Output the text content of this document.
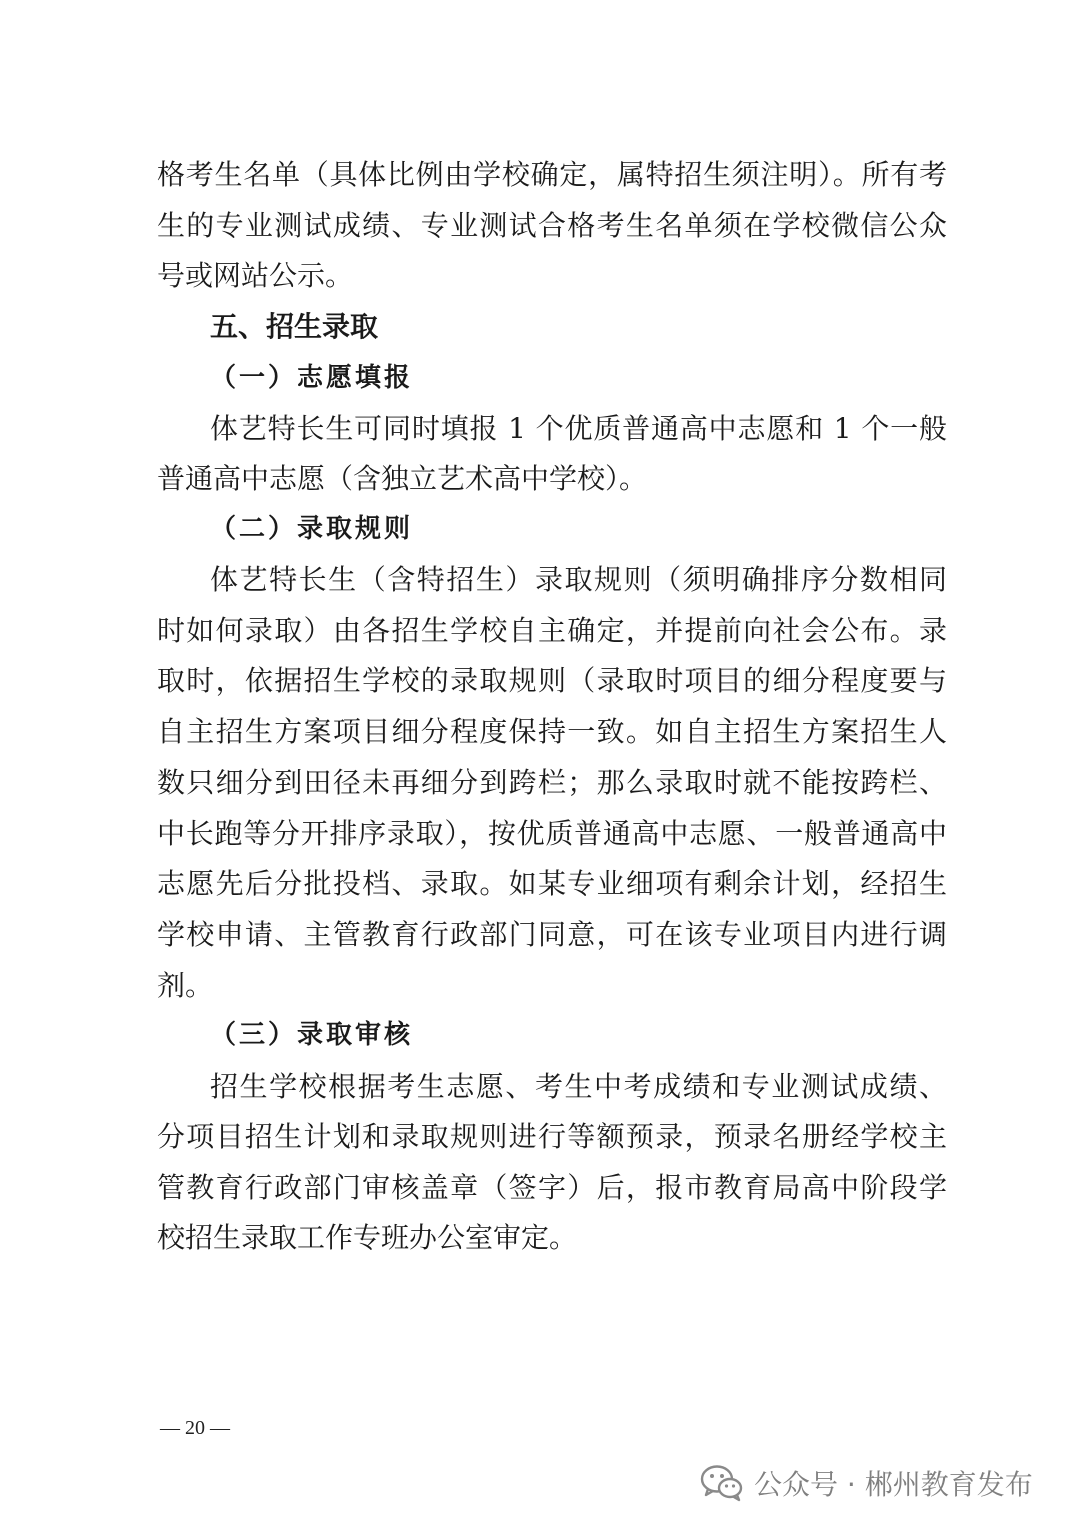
格考生名单（具体比例由学校确定，属特招生须注明）。所有考
生的专业测试成绩、专业测试合格考生名单须在学校微信公众
号或网站公示。
五、招生录取
（一）志愿填报
体艺特长生可同时填报 1 个优质普通高中志愿和 1 个一般
普通高中志愿（含独立艺术高中学校）。
（二）录取规则
体艺特长生（含特招生）录取规则（须明确排序分数相同
时如何录取）由各招生学校自主确定，并提前向社会公布。录
取时，依据招生学校的录取规则（录取时项目的细分程度要与
自主招生方案项目细分程度保持一致。如自主招生方案招生人
数只细分到田径未再细分到跨栏；那么录取时就不能按跨栏、
中长跑等分开排序录取），按优质普通高中志愿、一般普通高中
志愿先后分批投档、录取。如某专业细项有剩余计划，经招生
学校申请、主管教育行政部门同意，可在该专业项目内进行调
剂。
（三）录取审核
招生学校根据考生志愿、考生中考成绩和专业测试成绩、
分项目招生计划和录取规则进行等额预录，预录名册经学校主
管教育行政部门审核盖章（签字）后，报市教育局高中阶段学
校招生录取工作专班办公室审定。
— 20 —
公众号 · 郴州教育发布
